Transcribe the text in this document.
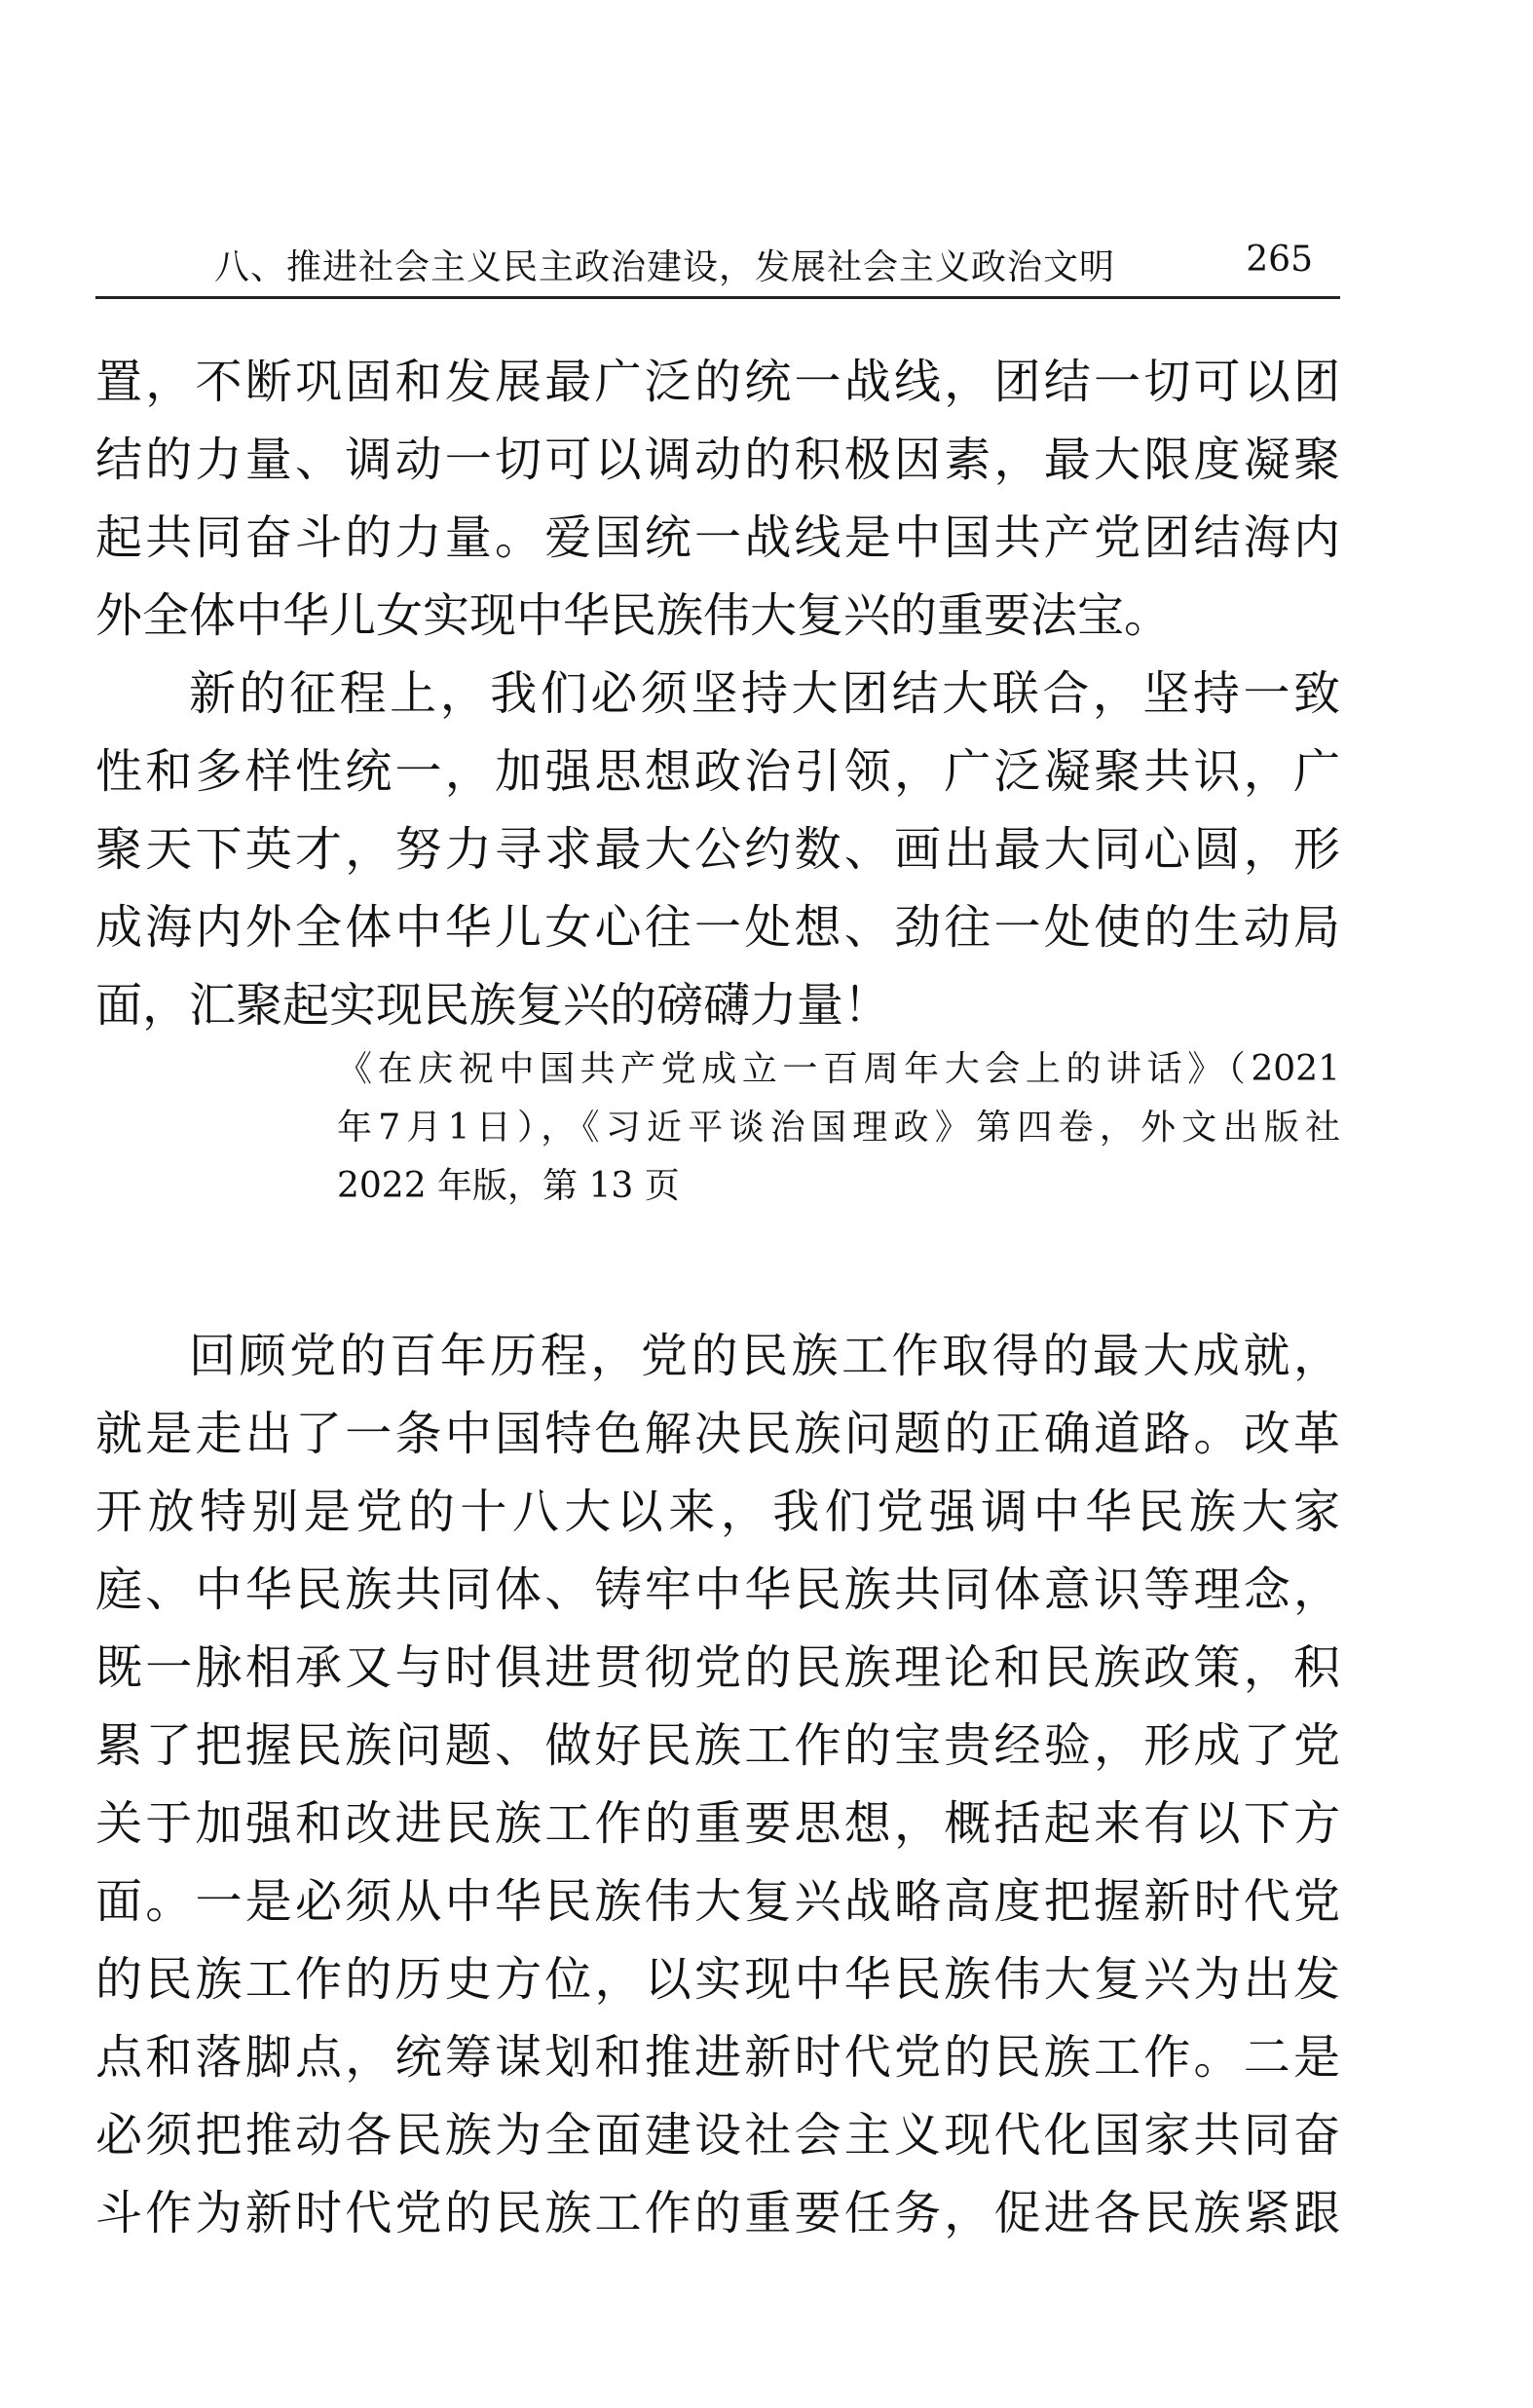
八、推进社会主义民主政治建设，发展社会主义政治文明	265
置，不断巩固和发展最广泛的统一战线，团结一切可以团
结的力量、调动一切可以调动的积极因素，最大限度凝聚
起共同奋斗的力量。爱国统一战线是中国共产党团结海内
外全体中华儿女实现中华民族伟大复兴的重要法宝。
新的征程上，我们必须坚持大团结大联合，坚持一致
性和多样性统一，加强思想政治引领，广泛凝聚共识，广
聚天下英才，努力寻求最大公约数、画出最大同心圆，形
成海内外全体中华儿女心往一处想、劲往一处使的生动局
面，汇聚起实现民族复兴的磅礴力量！
《在庆祝中国共产党成立一百周年大会上的讲话》（2021
年7月1日），《习近平谈治国理政》第四卷，外文出版社
2022 年版，第 13 页
回顾党的百年历程，党的民族工作取得的最大成就，
就是走出了一条中国特色解决民族问题的正确道路。改革
开放特别是党的十八大以来，我们党强调中华民族大家
庭、中华民族共同体、铸牢中华民族共同体意识等理念，
既一脉相承又与时俱进贯彻党的民族理论和民族政策，积
累了把握民族问题、做好民族工作的宝贵经验，形成了党
关于加强和改进民族工作的重要思想，概括起来有以下方
面。一是必须从中华民族伟大复兴战略高度把握新时代党
的民族工作的历史方位，以实现中华民族伟大复兴为出发
点和落脚点，统筹谋划和推进新时代党的民族工作。二是
必须把推动各民族为全面建设社会主义现代化国家共同奋
斗作为新时代党的民族工作的重要任务，促进各民族紧跟
